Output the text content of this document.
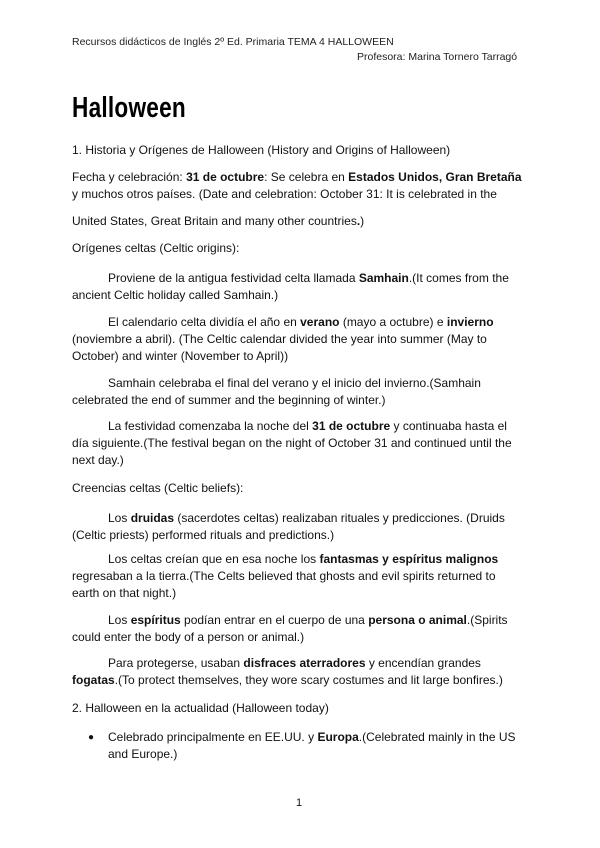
Recursos didácticos de Inglés 2º Ed. Primaria TEMA 4 HALLOWEEN
Profesora: Marina Tornero Tarragó
Halloween
1. Historia y Orígenes de Halloween (History and Origins of Halloween)
Fecha y celebración: 31 de octubre: Se celebra en Estados Unidos, Gran Bretaña
y muchos otros países. (Date and celebration: October 31: It is celebrated in the
United States, Great Britain and many other countries.)
Orígenes celtas (Celtic origins):
Proviene de la antigua festividad celta llamada Samhain.(It comes from the
ancient Celtic holiday called Samhain.)
El calendario celta dividía el año en verano (mayo a octubre) e invierno
(noviembre a abril). (The Celtic calendar divided the year into summer (May to
October) and winter (November to April))
Samhain celebraba el final del verano y el inicio del invierno.(Samhain
celebrated the end of summer and the beginning of winter.)
La festividad comenzaba la noche del 31 de octubre y continuaba hasta el
día siguiente.(The festival began on the night of October 31 and continued until the
next day.)
Creencias celtas (Celtic beliefs):
Los druidas (sacerdotes celtas) realizaban rituales y predicciones. (Druids
(Celtic priests) performed rituals and predictions.)
Los celtas creían que en esa noche los fantasmas y espíritus malignos
regresaban a la tierra.(The Celts believed that ghosts and evil spirits returned to
earth on that night.)
Los espíritus podían entrar en el cuerpo de una persona o animal.(Spirits
could enter the body of a person or animal.)
Para protegerse, usaban disfraces aterradores y encendían grandes
fogatas.(To protect themselves, they wore scary costumes and lit large bonfires.)
2. Halloween en la actualidad (Halloween today)
● Celebrado principalmente en EE.UU. y Europa.(Celebrated mainly in the US
and Europe.)
1
